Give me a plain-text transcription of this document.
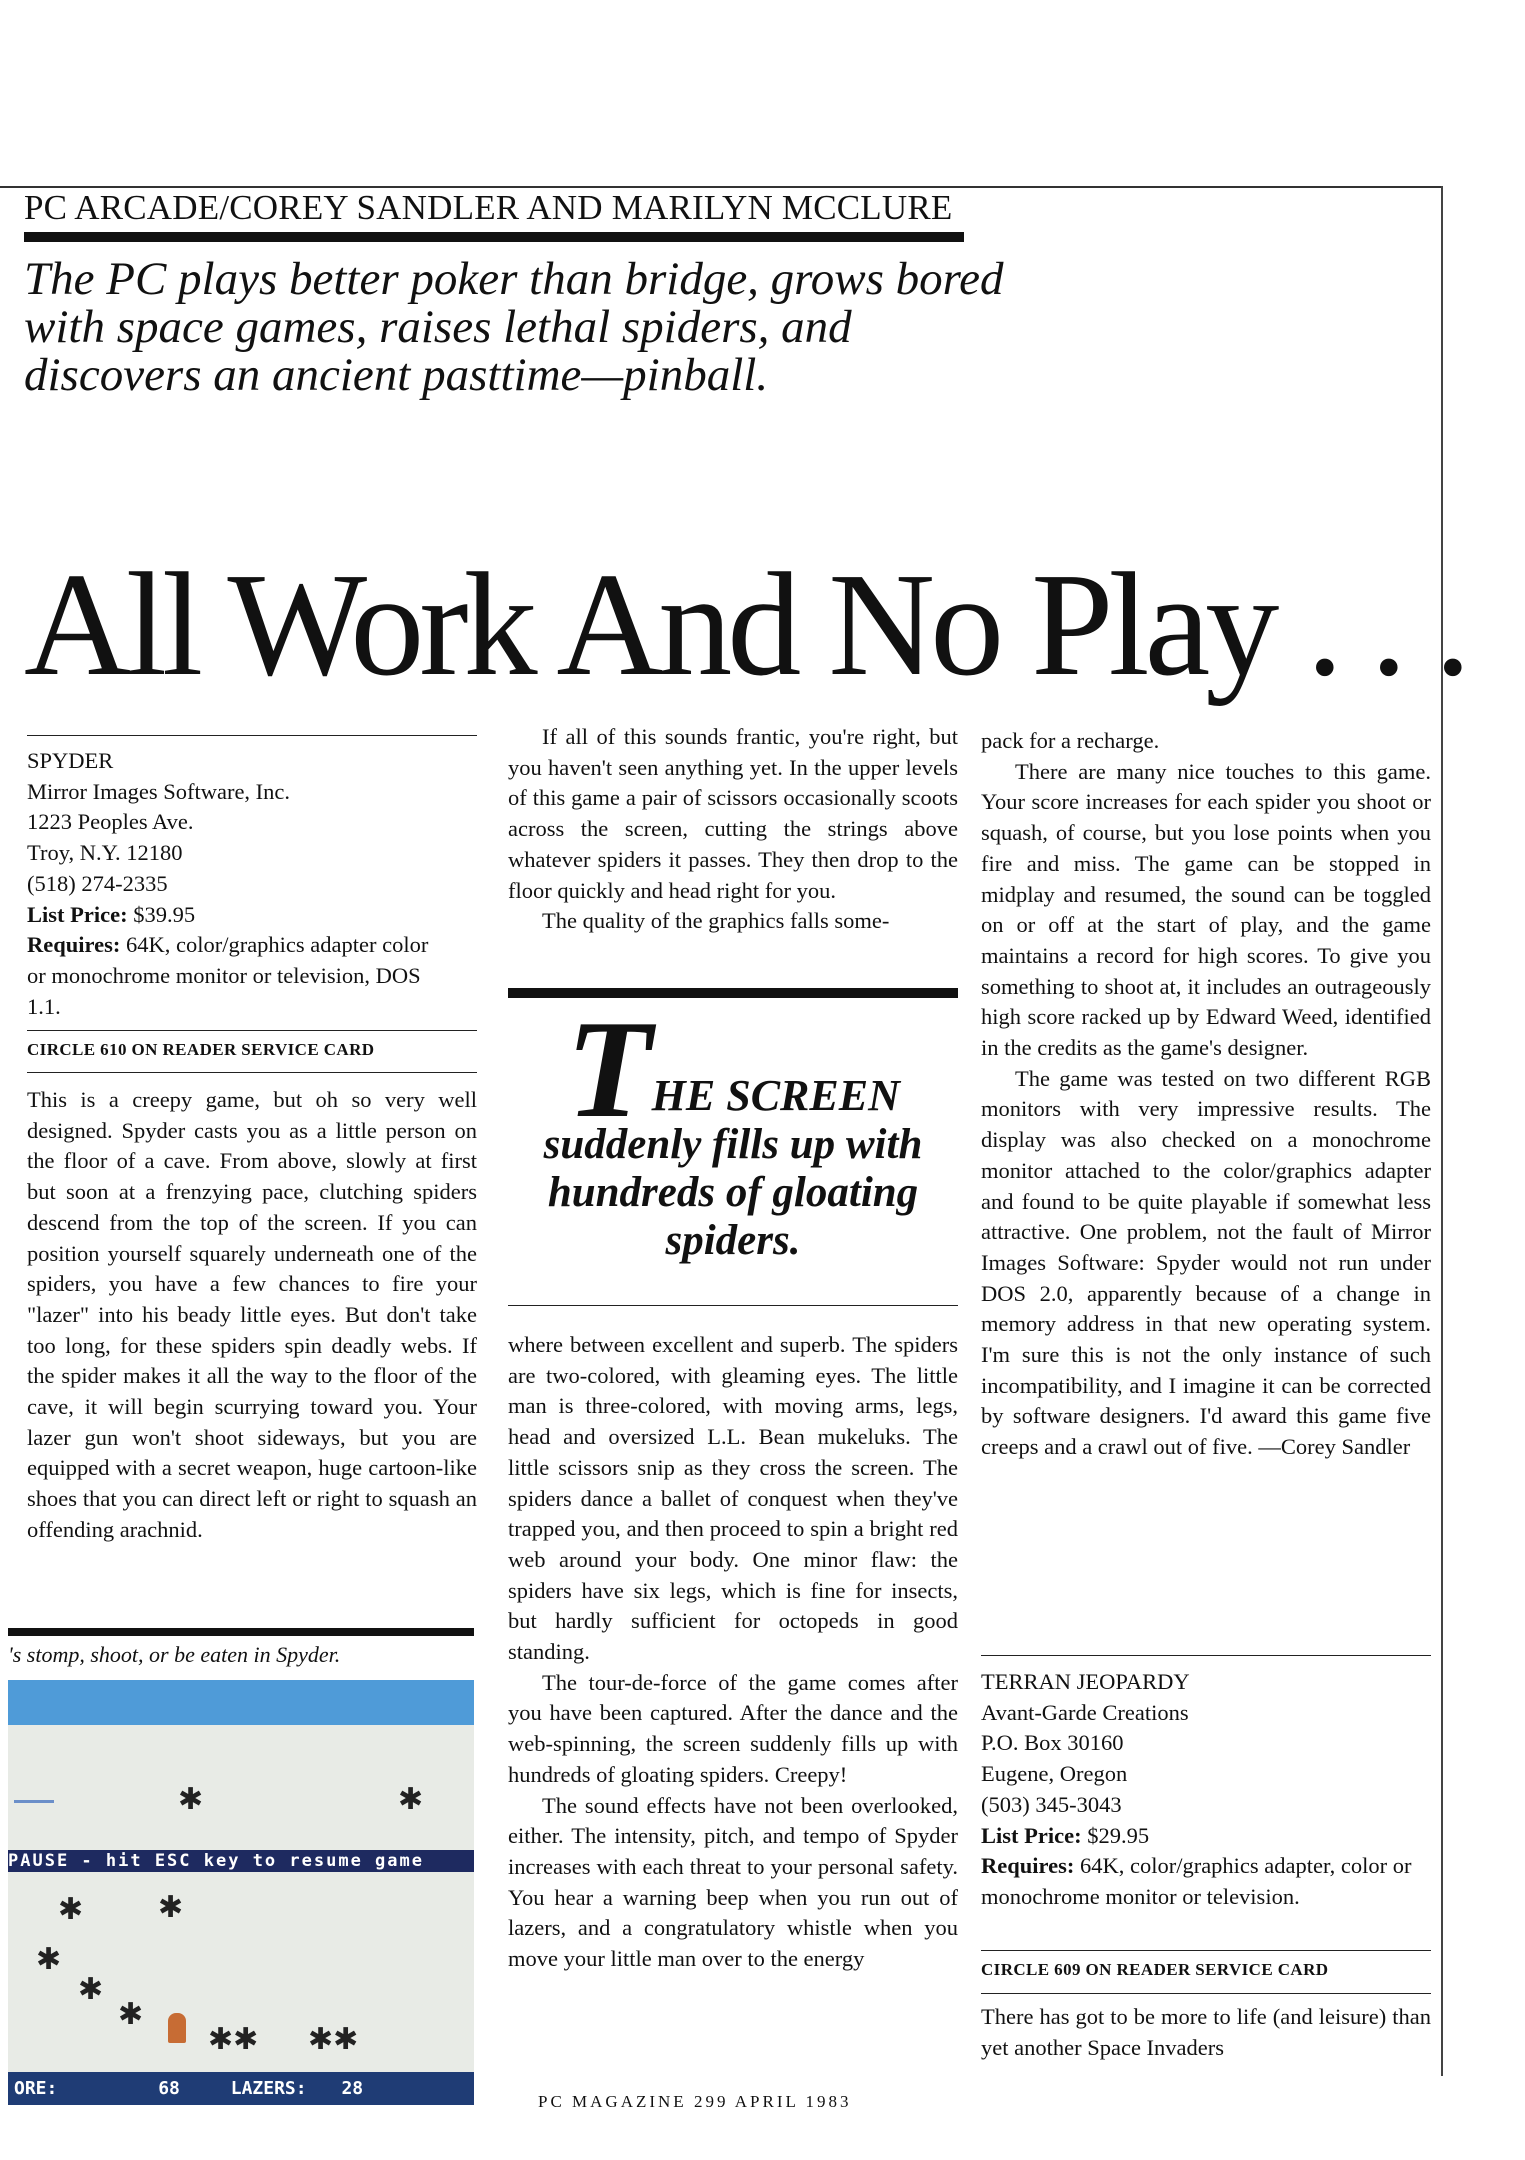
PC ARCADE/COREY SANDLER AND MARILYN MCCLURE
The PC plays better poker than bridge, grows bored with space games, raises lethal spiders, and discovers an ancient pasttime—pinball.
All Work And No Play . . .
SPYDER
Mirror Images Software, Inc.
1223 Peoples Ave.
Troy, N.Y. 12180
(518) 274-2335
List Price: $39.95
Requires: 64K, color/graphics adapter color or monochrome monitor or television, DOS 1.1.
CIRCLE 610 ON READER SERVICE CARD

This is a creepy game, but oh so very well designed. Spyder casts you as a little person on the floor of a cave. From above, slowly at first but soon at a frenzying pace, clutching spiders descend from the top of the screen. If you can position yourself squarely underneath one of the spiders, you have a few chances to fire your "lazer" into his beady little eyes. But don't take too long, for these spiders spin deadly webs. If the spider makes it all the way to the floor of the cave, it will begin scurrying toward you. Your lazer gun won't shoot sideways, but you are equipped with a secret weapon, huge cartoon-like shoes that you can direct left or right to squash an offending arachnid.

's stomp, shoot, or be eaten in Spyder.
✱	✱
PAUSE - hit ESC key to resume game
✱ ✱
✱
✱
✱
✱✱ ✱✱
ORE:	68	LAZERS: 28

If all of this sounds frantic, you're right, but you haven't seen anything yet. In the upper levels of this game a pair of scissors occasionally scoots across the screen, cutting the strings above whatever spiders it passes. They then drop to the floor quickly and head right for you.

The quality of the graphics falls some-

THE SCREEN
suddenly fills up with hundreds of gloating spiders.

where between excellent and superb. The spiders are two-colored, with gleaming eyes. The little man is three-colored, with moving arms, legs, head and oversized L.L. Bean mukeluks. The little scissors snip as they cross the screen. The spiders dance a ballet of conquest when they've trapped you, and then proceed to spin a bright red web around your body. One minor flaw: the spiders have six legs, which is fine for insects, but hardly sufficient for octopeds in good standing.

The tour-de-force of the game comes after you have been captured. After the dance and the web-spinning, the screen suddenly fills up with hundreds of gloating spiders. Creepy!

The sound effects have not been overlooked, either. The intensity, pitch, and tempo of Spyder increases with each threat to your personal safety. You hear a warning beep when you run out of lazers, and a congratulatory whistle when you move your little man over to the energy

pack for a recharge.

There are many nice touches to this game. Your score increases for each spider you shoot or squash, of course, but you lose points when you fire and miss. The game can be stopped in midplay and resumed, the sound can be toggled on or off at the start of play, and the game maintains a record for high scores. To give you something to shoot at, it includes an outrageously high score racked up by Edward Weed, identified in the credits as the game's designer.

The game was tested on two different RGB monitors with very impressive results. The display was also checked on a monochrome monitor attached to the color/graphics adapter and found to be quite playable if somewhat less attractive. One problem, not the fault of Mirror Images Software: Spyder would not run under DOS 2.0, apparently because of a change in memory address in that new operating system. I'm sure this is not the only instance of such incompatibility, and I imagine it can be corrected by software designers. I'd award this game five creeps and a crawl out of five. —Corey Sandler

TERRAN JEOPARDY
Avant-Garde Creations
P.O. Box 30160
Eugene, Oregon
(503) 345-3043
List Price: $29.95
Requires: 64K, color/graphics adapter, color or monochrome monitor or television.
CIRCLE 609 ON READER SERVICE CARD

There has got to be more to life (and leisure) than yet another Space Invaders

PC MAGAZINE 299 APRIL 1983
